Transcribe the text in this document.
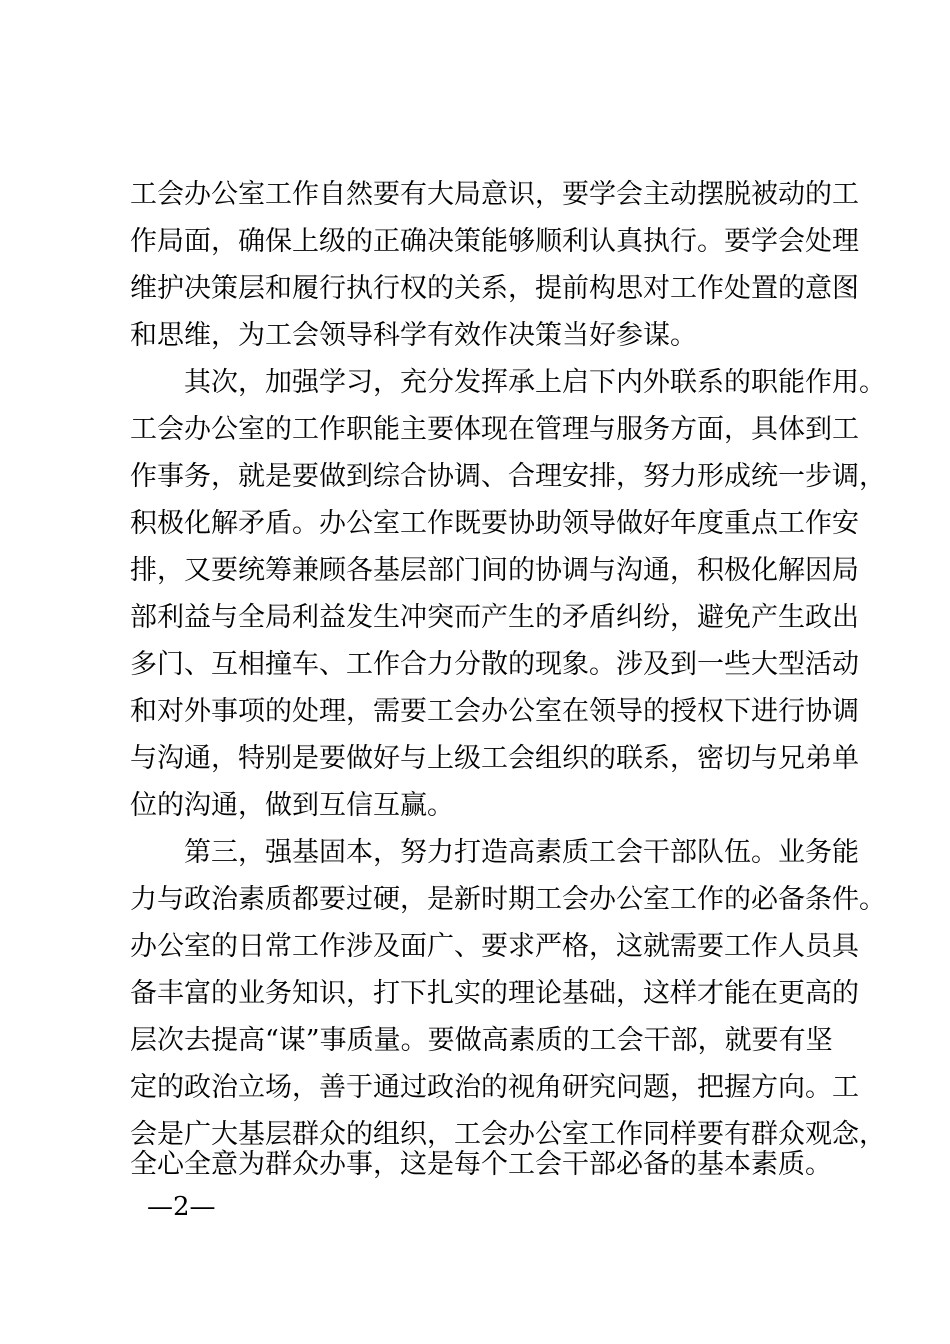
工会办公室工作自然要有大局意识，要学会主动摆脱被动的工
作局面，确保上级的正确决策能够顺利认真执行。要学会处理
维护决策层和履行执行权的关系，提前构思对工作处置的意图
和思维，为工会领导科学有效作决策当好参谋。
其次，加强学习，充分发挥承上启下内外联系的职能作用。
工会办公室的工作职能主要体现在管理与服务方面，具体到工
作事务，就是要做到综合协调、合理安排，努力形成统一步调，
积极化解矛盾。办公室工作既要协助领导做好年度重点工作安
排，又要统筹兼顾各基层部门间的协调与沟通，积极化解因局
部利益与全局利益发生冲突而产生的矛盾纠纷，避免产生政出
多门、互相撞车、工作合力分散的现象。涉及到一些大型活动
和对外事项的处理，需要工会办公室在领导的授权下进行协调
与沟通，特别是要做好与上级工会组织的联系，密切与兄弟单
位的沟通，做到互信互赢。
第三，强基固本，努力打造高素质工会干部队伍。业务能
力与政治素质都要过硬，是新时期工会办公室工作的必备条件。
办公室的日常工作涉及面广、要求严格，这就需要工作人员具
备丰富的业务知识，打下扎实的理论基础，这样才能在更高的
层次去提高“谋”事质量。要做高素质的工会干部，就要有坚
定的政治立场，善于通过政治的视角研究问题，把握方向。工
会是广大基层群众的组织，工会办公室工作同样要有群众观念，
全心全意为群众办事，这是每个工会干部必备的基本素质。
—2—
